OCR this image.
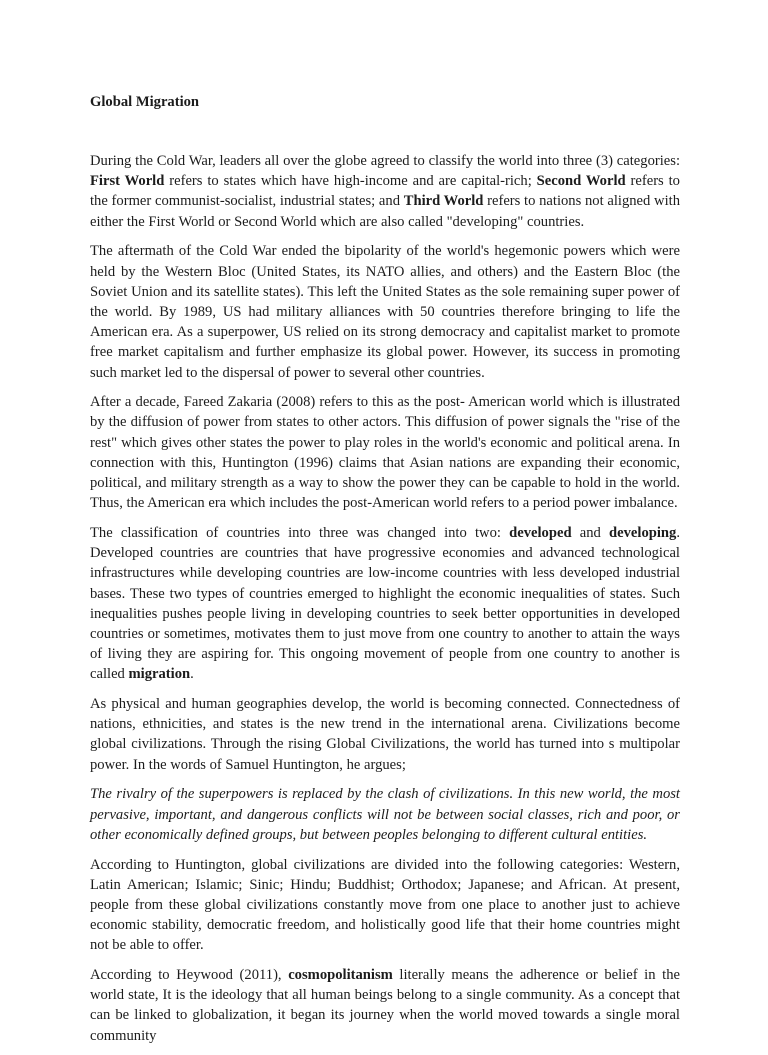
Global Migration

During the Cold War, leaders all over the globe agreed to classify the world into three (3) categories: First World refers to states which have high-income and are capital-rich; Second World refers to the former communist-socialist, industrial states; and Third World refers to nations not aligned with either the First World or Second World which are also called "developing" countries.

The aftermath of the Cold War ended the bipolarity of the world's hegemonic powers which were held by the Western Bloc (United States, its NATO allies, and others) and the Eastern Bloc (the Soviet Union and its satellite states). This left the United States as the sole remaining super power of the world. By 1989, US had military alliances with 50 countries therefore bringing to life the American era. As a superpower, US relied on its strong democracy and capitalist market to promote free market capitalism and further emphasize its global power. However, its success in promoting such market led to the dispersal of power to several other countries.

After a decade, Fareed Zakaria (2008) refers to this as the post- American world which is illustrated by the diffusion of power from states to other actors. This diffusion of power signals the "rise of the rest" which gives other states the power to play roles in the world's economic and political arena. In connection with this, Huntington (1996) claims that Asian nations are expanding their economic, political, and military strength as a way to show the power they can be capable to hold in the world. Thus, the American era which includes the post-American world refers to a period power imbalance.

The classification of countries into three was changed into two: developed and developing. Developed countries are countries that have progressive economies and advanced technological infrastructures while developing countries are low-income countries with less developed industrial bases. These two types of countries emerged to highlight the economic inequalities of states. Such inequalities pushes people living in developing countries to seek better opportunities in developed countries or sometimes, motivates them to just move from one country to another to attain the ways of living they are aspiring for. This ongoing movement of people from one country to another is called migration.

As physical and human geographies develop, the world is becoming connected. Connectedness of nations, ethnicities, and states is the new trend in the international arena. Civilizations become global civilizations. Through the rising Global Civilizations, the world has turned into s multipolar power. In the words of Samuel Huntington, he argues;

The rivalry of the superpowers is replaced by the clash of civilizations. In this new world, the most pervasive, important, and dangerous conflicts will not be between social classes, rich and poor, or other economically defined groups, but between peoples belonging to different cultural entities.

According to Huntington, global civilizations are divided into the following categories: Western, Latin American; Islamic; Sinic; Hindu; Buddhist; Orthodox; Japanese; and African. At present, people from these global civilizations constantly move from one place to another just to achieve economic stability, democratic freedom, and holistically good life that their home countries might not be able to offer.

According to Heywood (2011), cosmopolitanism literally means the adherence or belief in the world state, It is the ideology that all human beings belong to a single community. As a concept that can be linked to globalization, it began its journey when the world moved towards a single moral community
